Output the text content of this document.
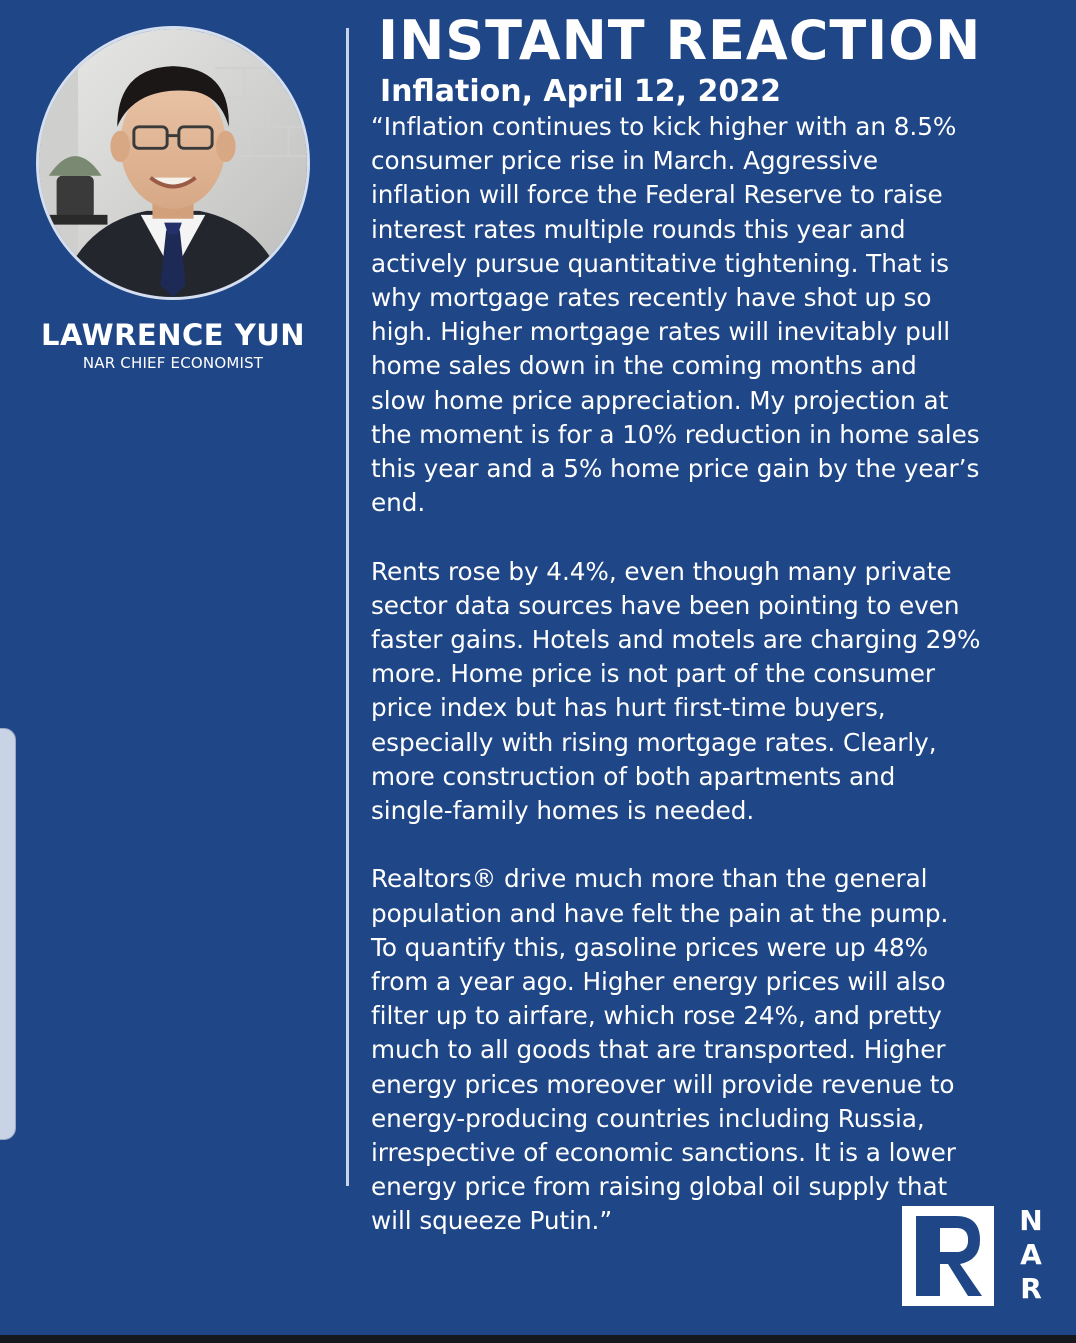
LAWRENCE YUN
NAR CHIEF ECONOMIST
INSTANT REACTION
Inflation, April 12, 2022

“Inflation continues to kick higher with an 8.5%
consumer price rise in March. Aggressive
inflation will force the Federal Reserve to raise
interest rates multiple rounds this year and
actively pursue quantitative tightening. That is
why mortgage rates recently have shot up so
high. Higher mortgage rates will inevitably pull
home sales down in the coming months and
slow home price appreciation. My projection at
the moment is for a 10% reduction in home sales
this year and a 5% home price gain by the year’s
end.

Rents rose by 4.4%, even though many private
sector data sources have been pointing to even
faster gains. Hotels and motels are charging 29%
more. Home price is not part of the consumer
price index but has hurt first-time buyers,
especially with rising mortgage rates. Clearly,
more construction of both apartments and
single-family homes is needed.

Realtors® drive much more than the general
population and have felt the pain at the pump.
To quantify this, gasoline prices were up 48%
from a year ago. Higher energy prices will also
filter up to airfare, which rose 24%, and pretty
much to all goods that are transported. Higher
energy prices moreover will provide revenue to
energy-producing countries including Russia,
irrespective of economic sanctions. It is a lower
energy price from raising global oil supply that
will squeeze Putin.”	N
A
R
